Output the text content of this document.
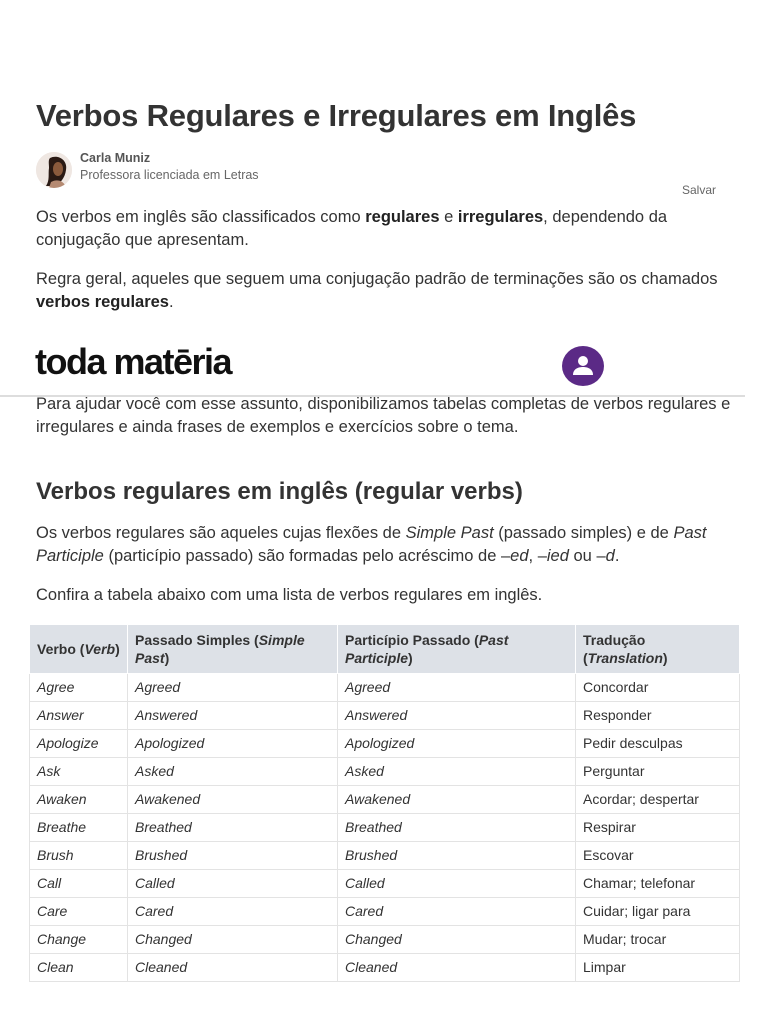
Verbos Regulares e Irregulares em Inglês
Carla Muniz
Professora licenciada em Letras
Salvar

Os verbos em inglês são classificados como regulares e irregulares, dependendo da conjugação que apresentam.

Regra geral, aqueles que seguem uma conjugação padrão de terminações são os chamados verbos regulares.

toda matēria

Para ajudar você com esse assunto, disponibilizamos tabelas completas de verbos regulares e irregulares e ainda frases de exemplos e exercícios sobre o tema.

Verbos regulares em inglês (regular verbs)

Os verbos regulares são aqueles cujas flexões de Simple Past (passado simples) e de Past Participle (particípio passado) são formadas pelo acréscimo de –ed, –ied ou –d.

Confira a tabela abaixo com uma lista de verbos regulares em inglês.

Verbo (Verb)	Passado Simples (Simple Past)	Particípio Passado (Past Participle)	Tradução (Translation)
Agree	Agreed	Agreed	Concordar
Answer	Answered	Answered	Responder
Apologize	Apologized	Apologized	Pedir desculpas
Ask	Asked	Asked	Perguntar
Awaken	Awakened	Awakened	Acordar; despertar
Breathe	Breathed	Breathed	Respirar
Brush	Brushed	Brushed	Escovar
Call	Called	Called	Chamar; telefonar
Care	Cared	Cared	Cuidar; ligar para
Change	Changed	Changed	Mudar; trocar
Clean	Cleaned	Cleaned	Limpar
